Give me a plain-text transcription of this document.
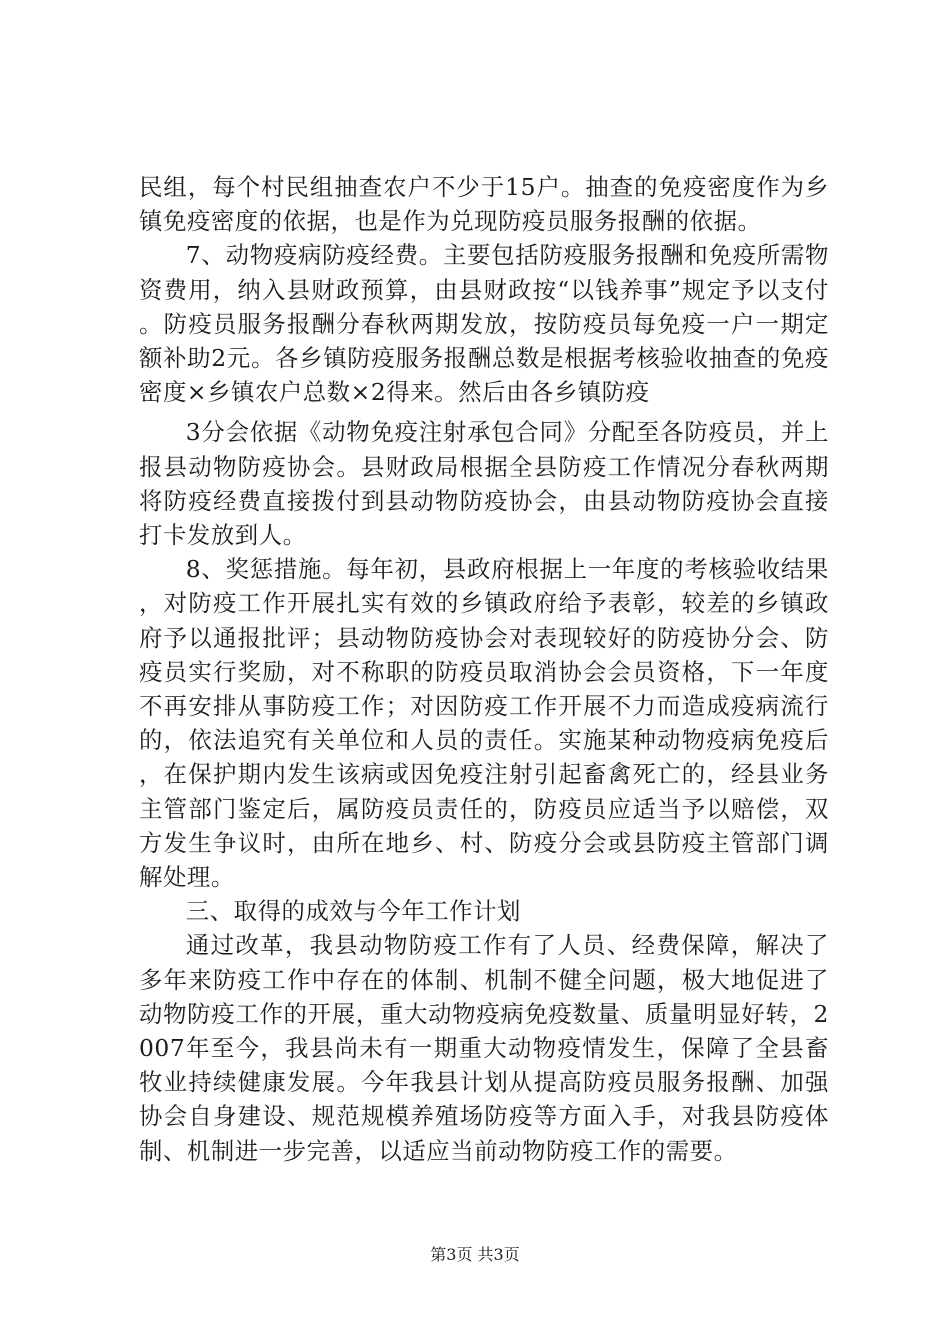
民组，每个村民组抽查农户不少于15户。抽查的免疫密度作为乡镇免疫密度的依据，也是作为兑现防疫员服务报酬的依据。

7、动物疫病防疫经费。主要包括防疫服务报酬和免疫所需物资费用，纳入县财政预算，由县财政按“以钱养事”规定予以支付。防疫员服务报酬分春秋两期发放，按防疫员每免疫一户一期定额补助2元。各乡镇防疫服务报酬总数是根据考核验收抽查的免疫密度×乡镇农户总数×2得来。然后由各乡镇防疫

3分会依据《动物免疫注射承包合同》分配至各防疫员，并上报县动物防疫协会。县财政局根据全县防疫工作情况分春秋两期将防疫经费直接拨付到县动物防疫协会，由县动物防疫协会直接打卡发放到人。

8、奖惩措施。每年初，县政府根据上一年度的考核验收结果，对防疫工作开展扎实有效的乡镇政府给予表彰，较差的乡镇政府予以通报批评；县动物防疫协会对表现较好的防疫协分会、防疫员实行奖励，对不称职的防疫员取消协会会员资格，下一年度不再安排从事防疫工作；对因防疫工作开展不力而造成疫病流行的，依法追究有关单位和人员的责任。实施某种动物疫病免疫后，在保护期内发生该病或因免疫注射引起畜禽死亡的，经县业务主管部门鉴定后，属防疫员责任的，防疫员应适当予以赔偿，双方发生争议时，由所在地乡、村、防疫分会或县防疫主管部门调解处理。

三、取得的成效与今年工作计划

通过改革，我县动物防疫工作有了人员、经费保障，解决了多年来防疫工作中存在的体制、机制不健全问题，极大地促进了动物防疫工作的开展，重大动物疫病免疫数量、质量明显好转，2007年至今，我县尚未有一期重大动物疫情发生，保障了全县畜牧业持续健康发展。今年我县计划从提高防疫员服务报酬、加强协会自身建设、规范规模养殖场防疫等方面入手，对我县防疫体制、机制进一步完善，以适应当前动物防疫工作的需要。

第3页 共3页
